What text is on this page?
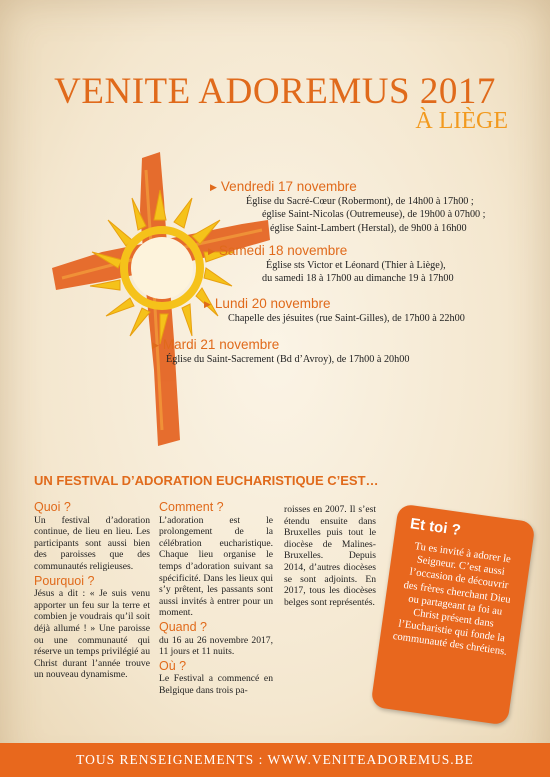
VENITE ADOREMUS 2017
À LIÈGE
▶ Vendredi 17 novembre
Église du Sacré-Cœur (Robermont), de 14h00 à 17h00 ;
église Saint-Nicolas (Outremeuse), de 19h00 à 07h00 ;
église Saint-Lambert (Herstal), de 9h00 à 16h00
▶ Samedi 18 novembre
Église sts Victor et Léonard (Thier à Liège),
du samedi 18 à 17h00 au dimanche 19 à 17h00
▶ Lundi 20 novembre
Chapelle des jésuites (rue Saint-Gilles), de 17h00 à 22h00
▶ Mardi 21 novembre
Église du Saint-Sacrement (Bd d’Avroy), de 17h00 à 20h00
UN FESTIVAL D’ADORATION EUCHARISTIQUE C’EST…
Quoi ?

Un festival d’adoration continue, de lieu en lieu. Les participants sont aussi bien des paroisses que des communautés religieuses.

Pourquoi ?

Jésus a dit : « Je suis venu apporter un feu sur la terre et combien je voudrais qu’il soit déjà allumé ! » Une paroisse ou une communauté qui réserve un temps privilégié au Christ durant l’année trouve un nouveau dynamisme.

Comment ?

L’adoration est le prolongement de la célébration eucharistique. Chaque lieu organise le temps d’adoration suivant sa spécificité. Dans les lieux qui s’y prêtent, les passants sont aussi invités à entrer pour un moment.

Quand ?

du 16 au 26 novembre 2017, 11 jours et 11 nuits.

Où ?

Le Festival a commencé en Belgique dans trois pa-

roisses en 2007. Il s’est étendu ensuite dans Bruxelles puis tout le diocèse de Malines-Bruxelles. Depuis 2014, d’autres diocèses se sont adjoints. En 2017, tous les diocèses belges sont représentés.

Et toi ?
Tu es invité à adorer le Seigneur. C’est aussi l’occasion de découvrir des frères cherchant Dieu ou partageant ta foi au Christ présent dans l’Eucharistie qui fonde la communauté des chrétiens.
TOUS RENSEIGNEMENTS : WWW.VENITEADOREMUS.BE
